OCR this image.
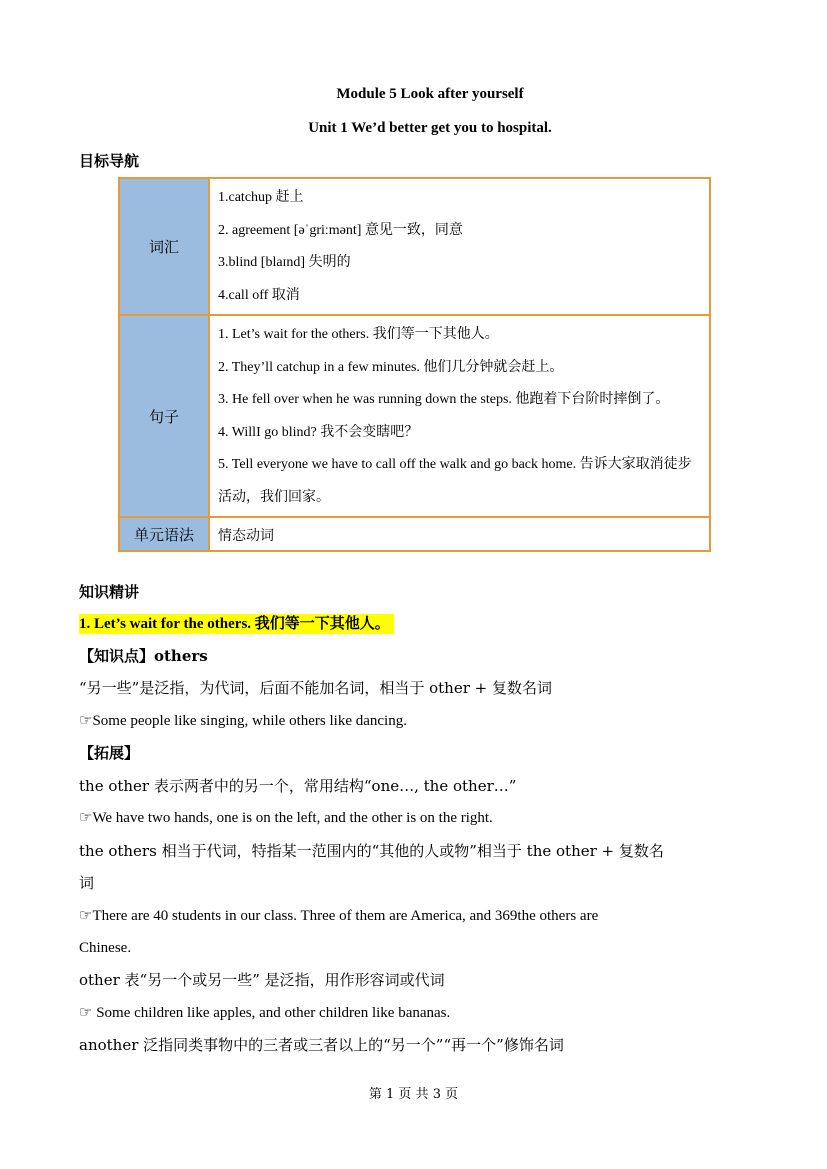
Module 5 Look after yourself
Unit 1 We’d better get you to hospital.
目标导航
词汇	1.catchup 赶上
2. agreement [əˈgriːmənt] 意见一致，同意
3.blind [blaɪnd] 失明的
4.call off 取消

句子	1. Let’s wait for the others. 我们等一下其他人。
2. They’ll catchup in a few minutes. 他们几分钟就会赶上。
3. He fell over when he was running down the steps. 他跑着下台阶时摔倒了。
4. WillI go blind? 我不会变瞎吧？
5. Tell everyone we have to call off the walk and go back home. 告诉大家取消徒步活动，我们回家。

单元语法	情态动词
知识精讲
1. Let’s wait for the others. 我们等一下其他人。
【知识点】others
“另一些”是泛指，为代词，后面不能加名词，相当于 other + 复数名词
☞Some people like singing, while others like dancing.
【拓展】
the other 表示两者中的另一个，常用结构“one…, the other…”
☞We have two hands, one is on the left, and the other is on the right.
the others 相当于代词，特指某一范围内的“其他的人或物”相当于 the other + 复数名
词
☞There are 40 students in our class. Three of them are America, and 369the others are
Chinese.
other 表“另一个或另一些” 是泛指，用作形容词或代词
☞ Some children like apples, and other children like bananas.
another 泛指同类事物中的三者或三者以上的“另一个”“再一个”修饰名词
第 1 页 共 3 页
